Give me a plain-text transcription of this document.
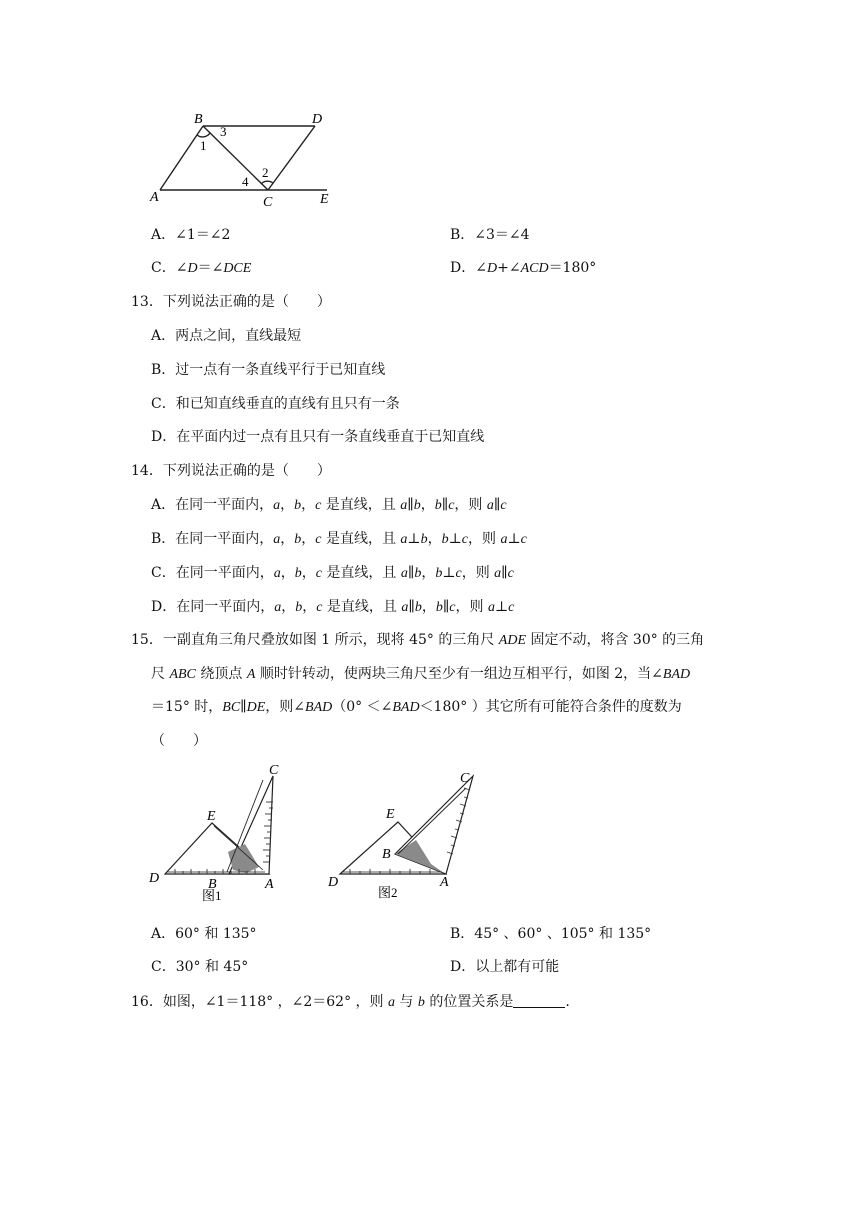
B	D
A	C	E
3
1
2
4
A．∠1＝∠2	B．∠3＝∠4
C．∠D＝∠DCE	D．∠D+∠ACD＝180°
13．下列说法正确的是（　　）
A．两点之间，直线最短
B．过一点有一条直线平行于已知直线
C．和已知直线垂直的直线有且只有一条
D．在平面内过一点有且只有一条直线垂直于已知直线
14．下列说法正确的是（　　）
A．在同一平面内，a，b，c 是直线，且 a∥b，b∥c，则 a∥c
B．在同一平面内，a，b，c 是直线，且 a⊥b，b⊥c，则 a⊥c
C．在同一平面内，a，b，c 是直线，且 a∥b，b⊥c，则 a∥c
D．在同一平面内，a，b，c 是直线，且 a∥b，b∥c，则 a⊥c
15．一副直角三角尺叠放如图 1 所示，现将 45° 的三角尺 ADE 固定不动，将含 30° 的三角
尺 ABC 绕顶点 A 顺时针转动，使两块三角尺至少有一组边互相平行，如图 2，当∠BAD
＝15° 时，BC∥DE，则∠BAD（0° ＜∠BAD＜180° ）其它所有可能符合条件的度数为
（　　）
C
E
D	B	A
图1
C
E
B
D	A
图2
A．60° 和 135°	B．45° 、60° 、105° 和 135°
C．30° 和 45°	D．以上都有可能
16．如图，∠1＝118° ，∠2＝62° ，则 a 与 b 的位置关系是	.
